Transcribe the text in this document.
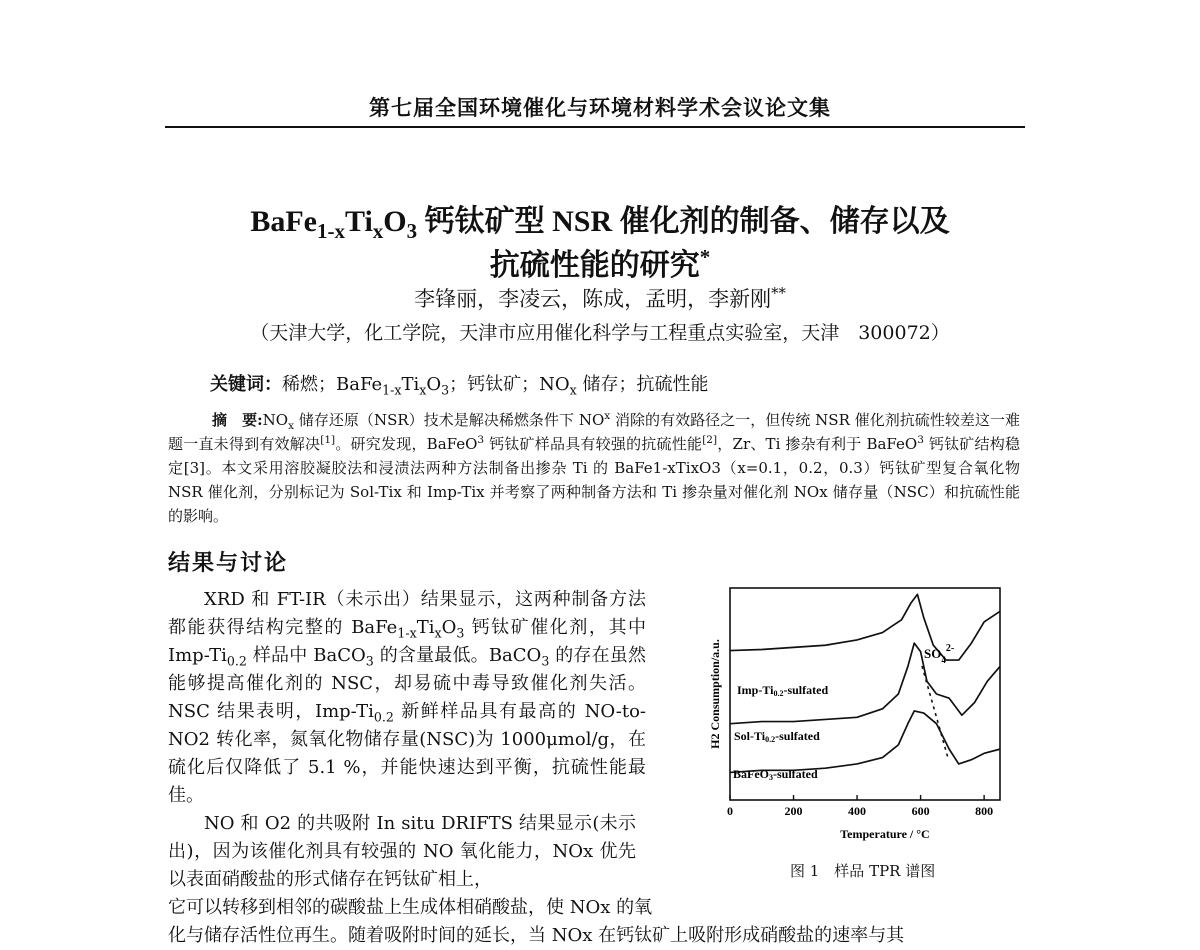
第七届全国环境催化与环境材料学术会议论文集
$BaFe_{1-x}Ti_xO_3$ 钙钛矿型 NSR 催化剂的制备、储存以及
抗硫性能的研究*
李锋丽，李凌云，陈成，孟明，李新刚**
（天津大学，化工学院，天津市应用催化科学与工程重点实验室，天津　300072）
关键词：稀燃；$BaFe_{1-x}Ti_xO_3$；钙钛矿；$NO_x$ 储存；抗硫性能
摘　要$:NO_x$ 储存还原（NSR）技术是解决稀燃条件下 $NO^x$ 消除的有效路径之一，但传统 NSR 催化剂抗硫性较差这一难题一直未得到有效解决[1]。研究发现，BaFeO$^3$ 钙钛矿样品具有较强的抗硫性能[2]，Zr、Ti 掺杂有利于 BaFeO$^3$ 钙钛矿结构稳定[3]。本文采用溶胶凝胶法和浸渍法两种方法制备出掺杂 Ti 的 BaFe1-xTixO3（x=0.1，0.2，0.3）钙钛矿型复合氧化物 NSR 催化剂，分别标记为 Sol-Tix 和 Imp-Tix 并考察了两种制备方法和 Ti 掺杂量对催化剂 NOx 储存量（NSC）和抗硫性能的影响。
结果与讨论
XRD 和 FT-IR（未示出）结果显示，这两种制备方法都能获得结构完整的 $BaFe_{1-x}Ti_xO_3$ 钙钛矿催化剂，其中 Imp-$Ti_{0.2}$ 样品中 BaCO$_3$ 的含量最低。BaCO$_3$ 的存在虽然能够提高催化剂的 NSC，却易硫中毒导致催化剂失活。NSC 结果表明，Imp-$Ti_{0.2}$ 新鲜样品具有最高的 NO-to-NO2 转化率，氮氧化物储存量(NSC)为 1000μmol/g，在硫化后仅降低了 5.1 %，并能快速达到平衡，抗硫性能最佳。
NO 和 O2 的共吸附 In situ DRIFTS 结果显示(未示出)，因为该催化剂具有较强的 NO 氧化能力，NOx 优先以表面硝酸盐的形式储存在钙钛矿相上，
它可以转移到相邻的碳酸盐上生成体相硝酸盐，使 NOx 的氧
化与储存活性位再生。随着吸附时间的延长，当 NOx 在钙钛矿上吸附形成硝酸盐的速率与其
0	200	400	600	800
Imp-Ti0.2-sulfated
Sol-Ti0.2-sulfated
BaFeO3-sulfated
$SO_4^{2-}$
Temperature / °C
H2 Consumption/a.u.
图 1　样品 TPR 谱图
